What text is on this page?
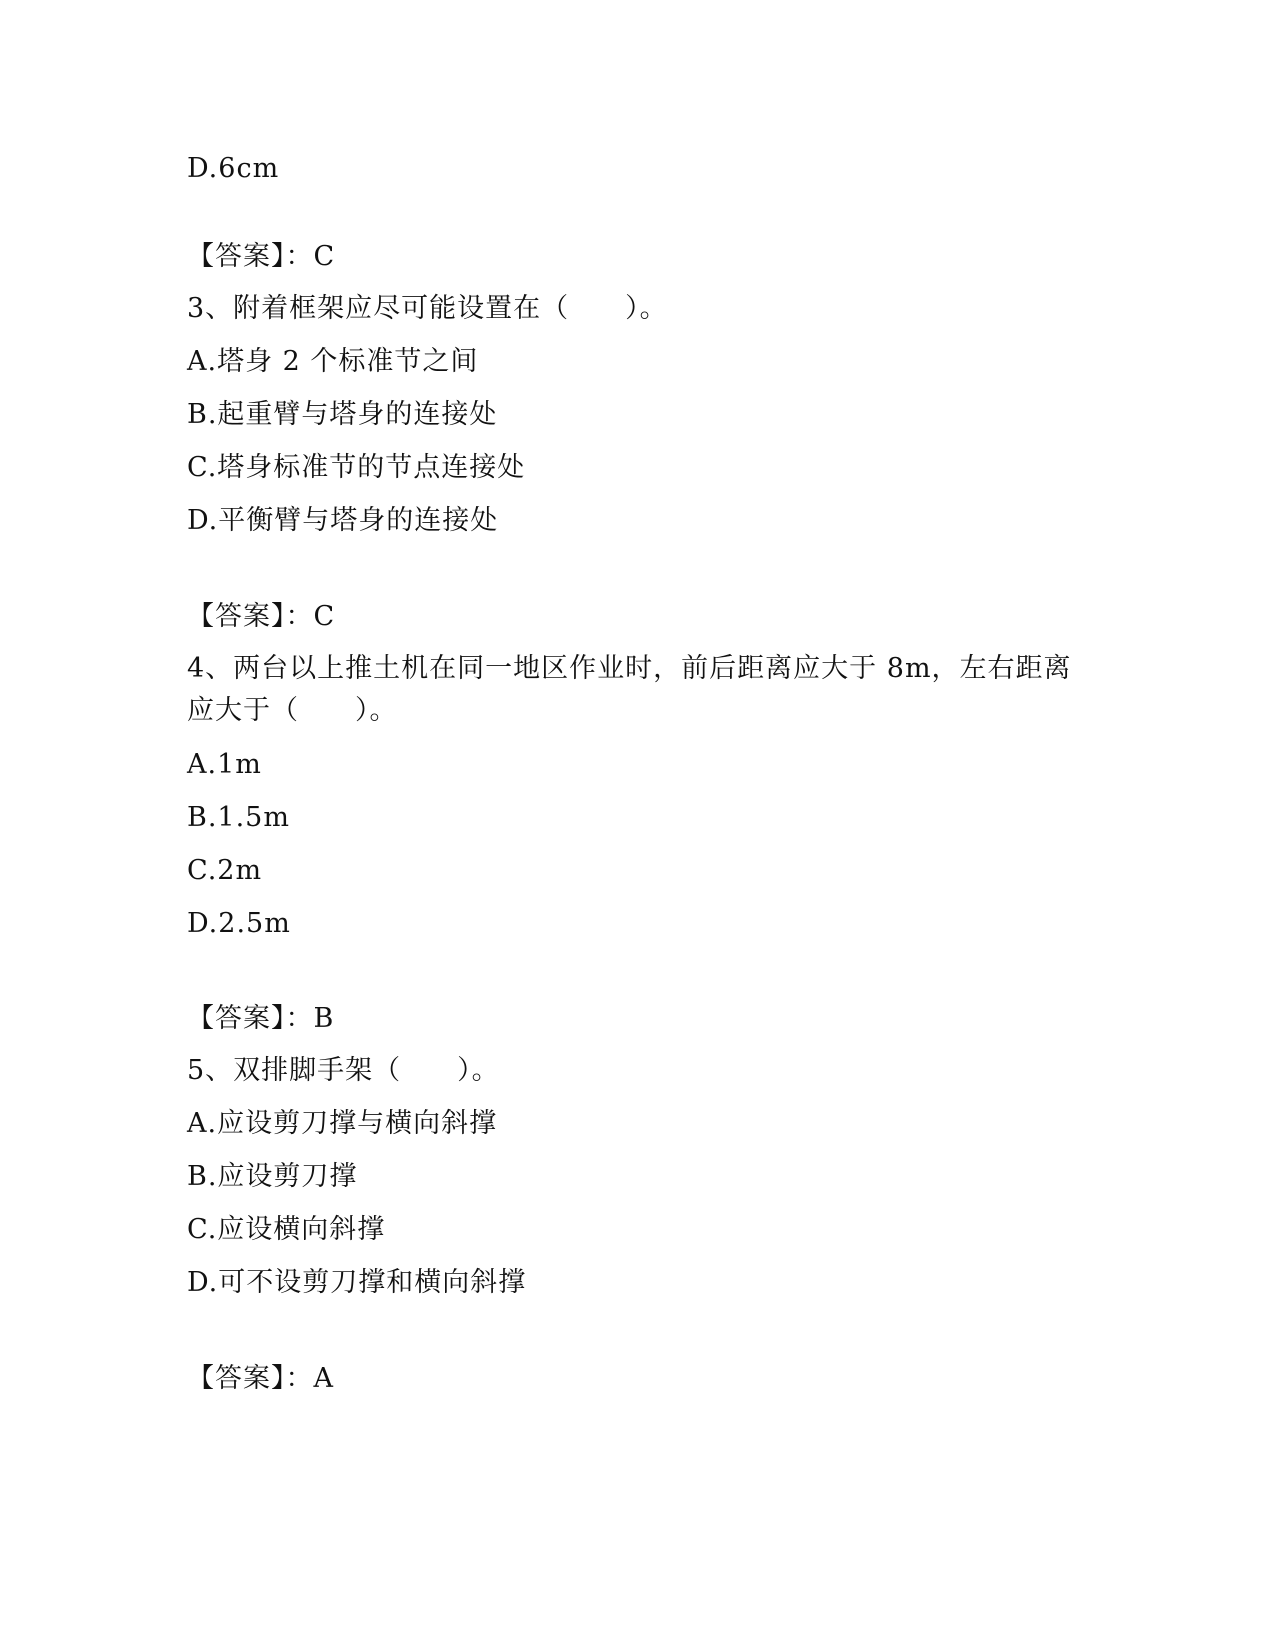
D.6cm
【答案】：C
3、附着框架应尽可能设置在（　　）。
A.塔身 2 个标准节之间
B.起重臂与塔身的连接处
C.塔身标准节的节点连接处
D.平衡臂与塔身的连接处
【答案】：C
4、两台以上推土机在同一地区作业时，前后距离应大于 8m，左右距离
应大于（　　）。
A.1m
B.1.5m
C.2m
D.2.5m
【答案】：B
5、双排脚手架（　　）。
A.应设剪刀撑与横向斜撑
B.应设剪刀撑
C.应设横向斜撑
D.可不设剪刀撑和横向斜撑
【答案】：A
